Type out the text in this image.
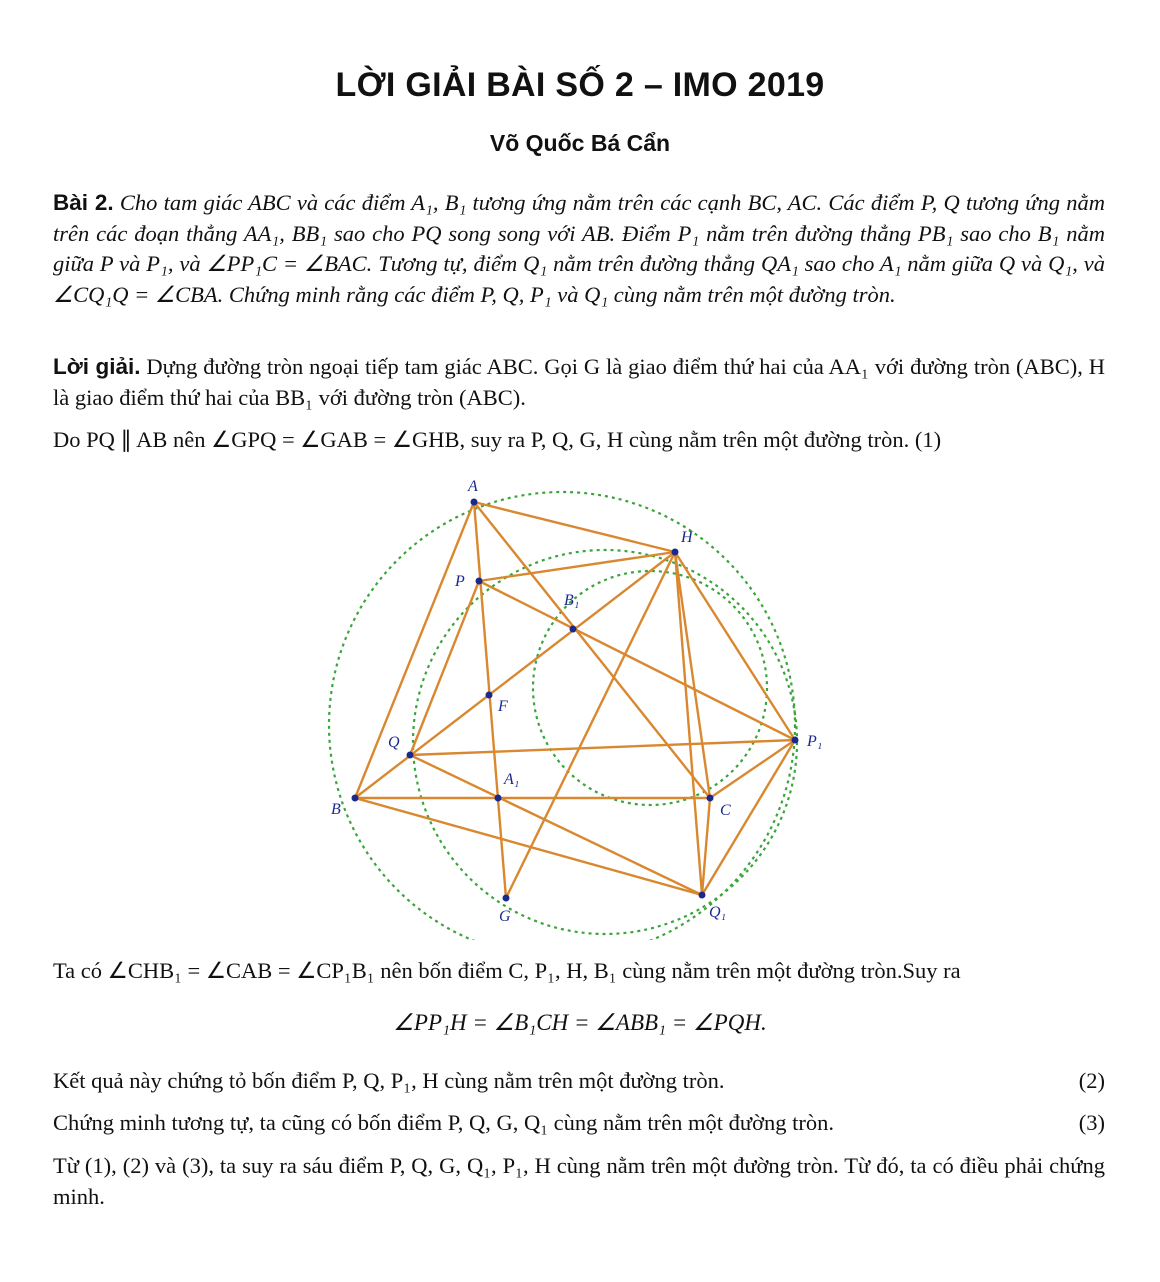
LỜI GIẢI BÀI SỐ 2 – IMO 2019
Võ Quốc Bá Cẩn
Bài 2. Cho tam giác ABC và các điểm A₁, B₁ tương ứng nằm trên các cạnh BC, AC. Các điểm P, Q tương ứng nằm trên các đoạn thẳng AA₁, BB₁ sao cho PQ song song với AB. Điểm P₁ nằm trên đường thẳng PB₁ sao cho B₁ nằm giữa P và P₁, và ∠PP₁C = ∠BAC. Tương tự, điểm Q₁ nằm trên đường thẳng QA₁ sao cho A₁ nằm giữa Q và Q₁, và ∠CQ₁Q = ∠CBA. Chứng minh rằng các điểm P, Q, P₁ và Q₁ cùng nằm trên một đường tròn.
Lời giải. Dựng đường tròn ngoại tiếp tam giác ABC. Gọi G là giao điểm thứ hai của AA₁ với đường tròn (ABC), H là giao điểm thứ hai của BB₁ với đường tròn (ABC).
Do PQ ∥ AB nên ∠GPQ = ∠GAB = ∠GHB, suy ra P, Q, G, H cùng nằm trên một đường tròn. (1)
A
H
P
B₁
F
Q
A₁
B	C
P₁
G	Q₁
Ta có ∠CHB₁ = ∠CAB = ∠CP₁B₁ nên bốn điểm C, P₁, H, B₁ cùng nằm trên một đường tròn.Suy ra
∠PP₁H = ∠B₁CH = ∠ABB₁ = ∠PQH.
Kết quả này chứng tỏ bốn điểm P, Q, P₁, H cùng nằm trên một đường tròn.	(2)
Chứng minh tương tự, ta cũng có bốn điểm P, Q, G, Q₁ cùng nằm trên một đường tròn.	(3)
Từ (1), (2) và (3), ta suy ra sáu điểm P, Q, G, Q₁, P₁, H cùng nằm trên một đường tròn. Từ đó, ta có điều phải chứng minh.
